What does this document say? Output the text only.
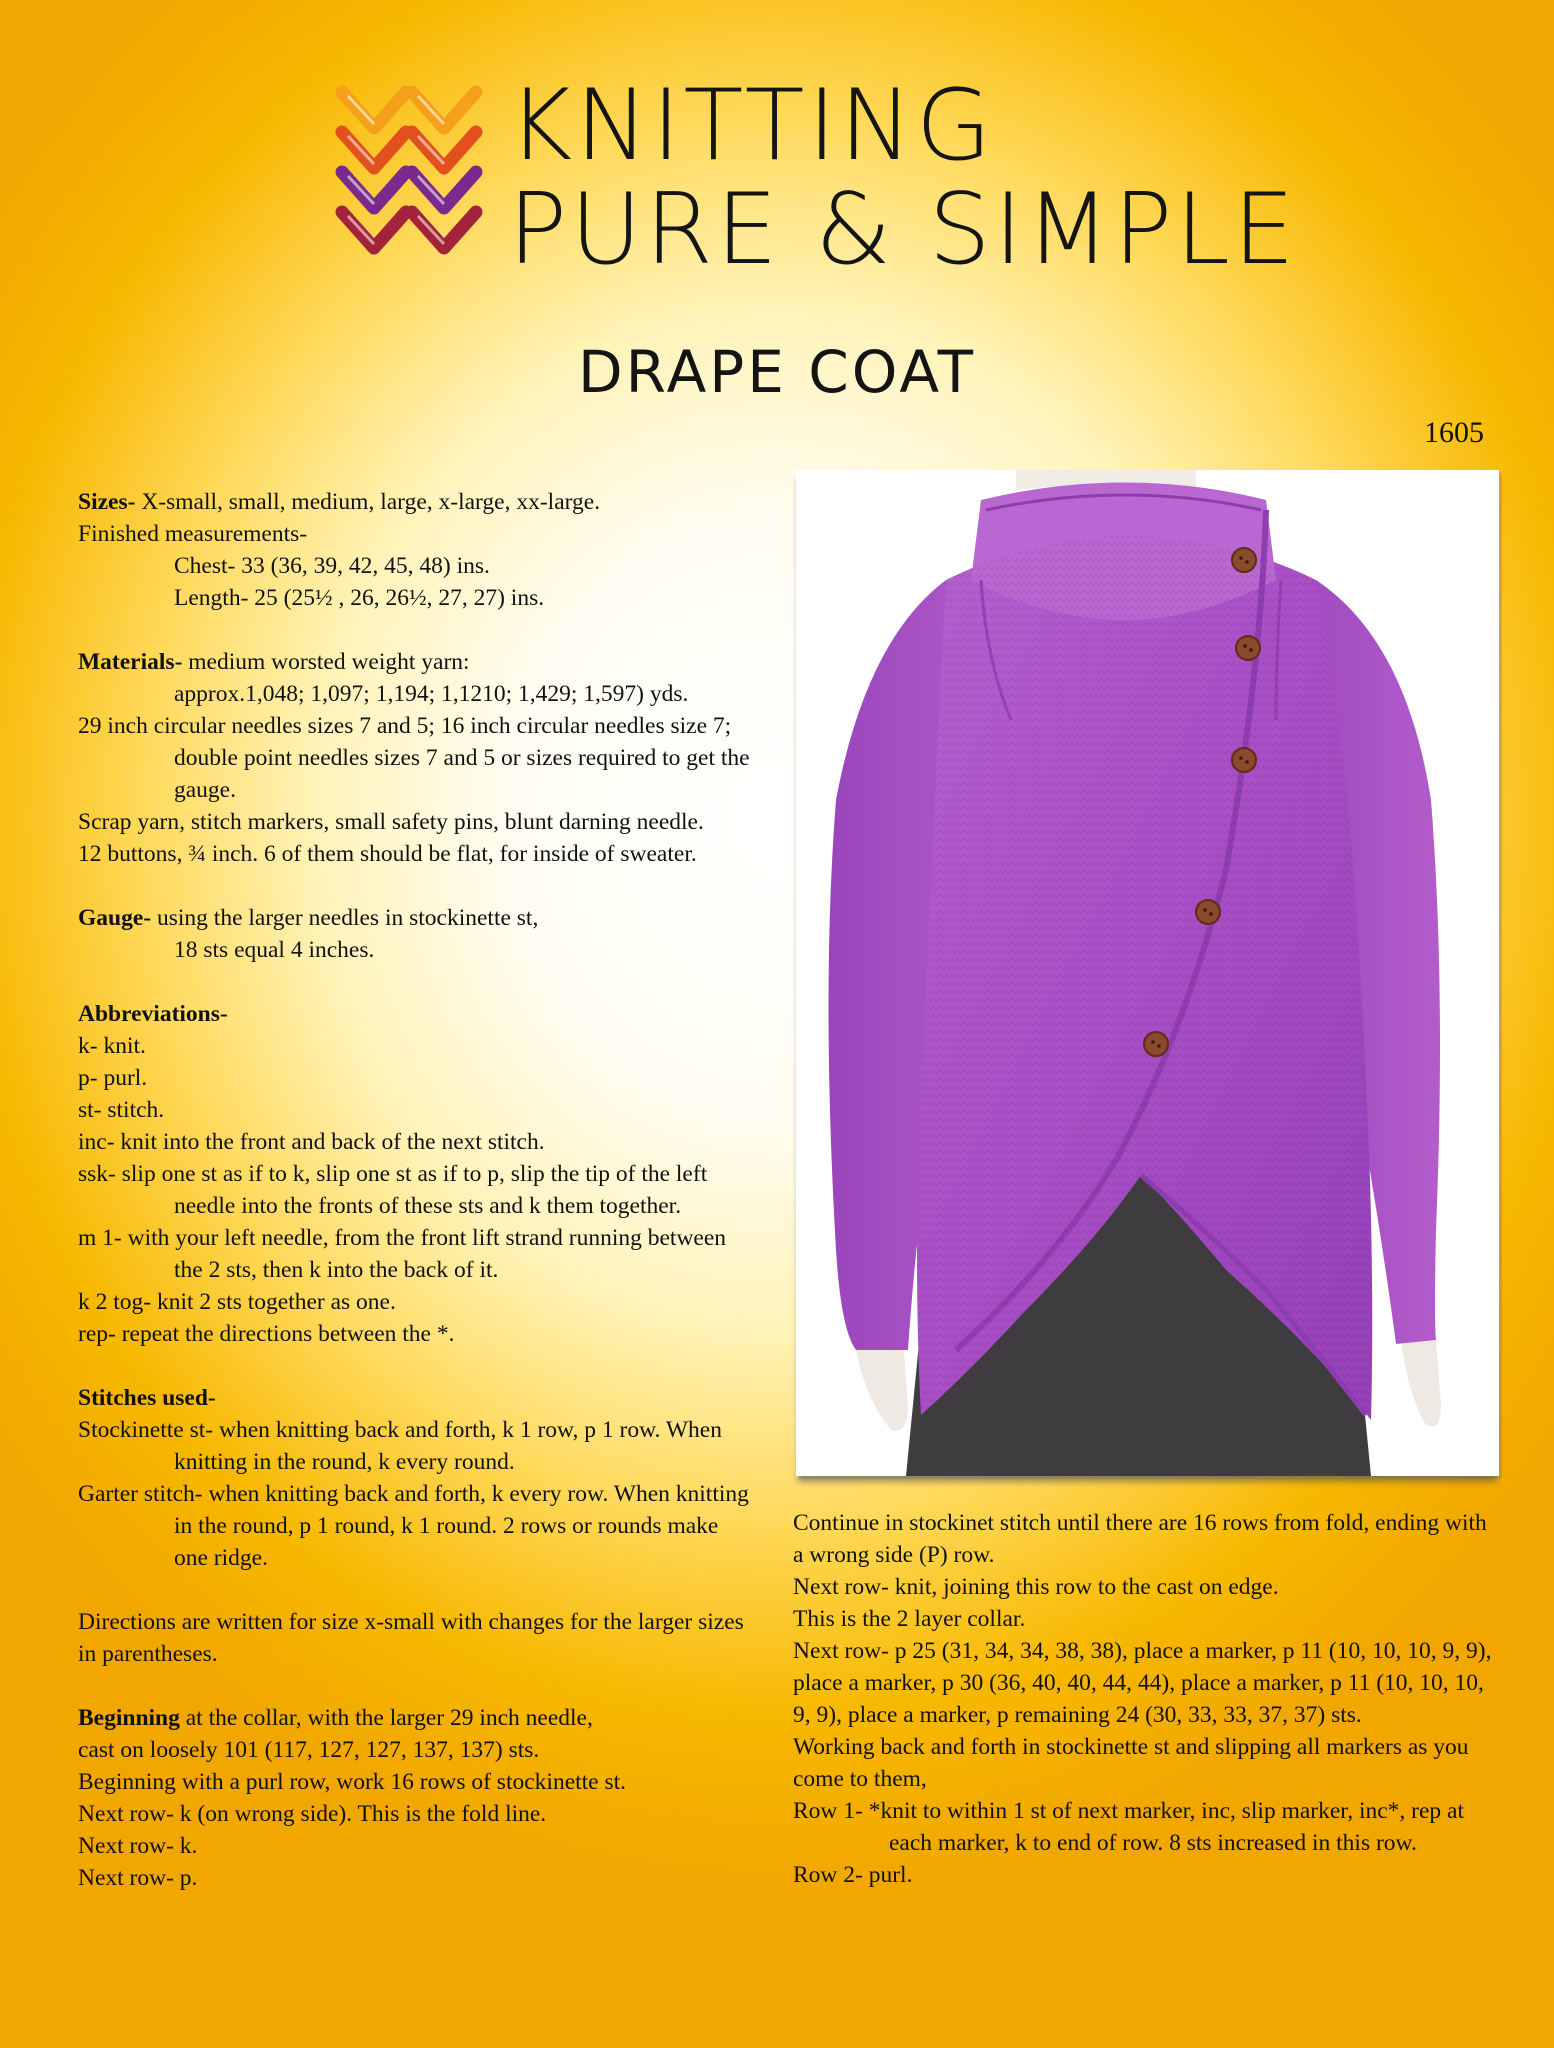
KNITTING
PURE & SIMPLE
DRAPE COAT
1605

Sizes- X-small, small, medium, large, x-large, xx-large.

Finished measurements-

Chest- 33 (36, 39, 42, 45, 48) ins.

Length- 25 (25½ , 26, 26½, 27, 27) ins.

Materials- medium worsted weight yarn:

approx.1,048; 1,097; 1,194; 1,1210; 1,429; 1,597) yds.

29 inch circular needles sizes 7 and 5; 16 inch circular needles size 7; double point needles sizes 7 and 5 or sizes required to get the gauge.

Scrap yarn, stitch markers, small safety pins, blunt darning needle.

12 buttons, ¾ inch. 6 of them should be flat, for inside of sweater.

Gauge- using the larger needles in stockinette st,

18 sts equal 4 inches.

Abbreviations-

k- knit.

p- purl.

st- stitch.

inc- knit into the front and back of the next stitch.

ssk- slip one st as if to k, slip one st as if to p, slip the tip of the left needle into the fronts of these sts and k them together.

m 1- with your left needle, from the front lift strand running between the 2 sts, then k into the back of it.

k 2 tog- knit 2 sts together as one.

rep- repeat the directions between the *.

Stitches used-

Stockinette st- when knitting back and forth, k 1 row, p 1 row. When knitting in the round, k every round.

Garter stitch- when knitting back and forth, k every row. When knitting in the round, p 1 round, k 1 round. 2 rows or rounds make one ridge.

Directions are written for size x-small with changes for the larger sizes in parentheses.

Beginning at the collar, with the larger 29 inch needle,

cast on loosely 101 (117, 127, 127, 137, 137) sts.

Beginning with a purl row, work 16 rows of stockinette st.

Next row- k (on wrong side). This is the fold line.

Next row- k.

Next row- p.

Continue in stockinet stitch until there are 16 rows from fold, ending with a wrong side (P) row.

Next row- knit, joining this row to the cast on edge.

This is the 2 layer collar.

Next row- p 25 (31, 34, 34, 38, 38), place a marker, p 11 (10, 10, 10, 9, 9), place a marker, p 30 (36, 40, 40, 44, 44), place a marker, p 11 (10, 10, 10, 9, 9), place a marker, p remaining 24 (30, 33, 33, 37, 37) sts.

Working back and forth in stockinette st and slipping all markers as you come to them,

Row 1- *knit to within 1 st of next marker, inc, slip marker, inc*, rep at each marker, k to end of row. 8 sts increased in this row.

Row 2- purl.
